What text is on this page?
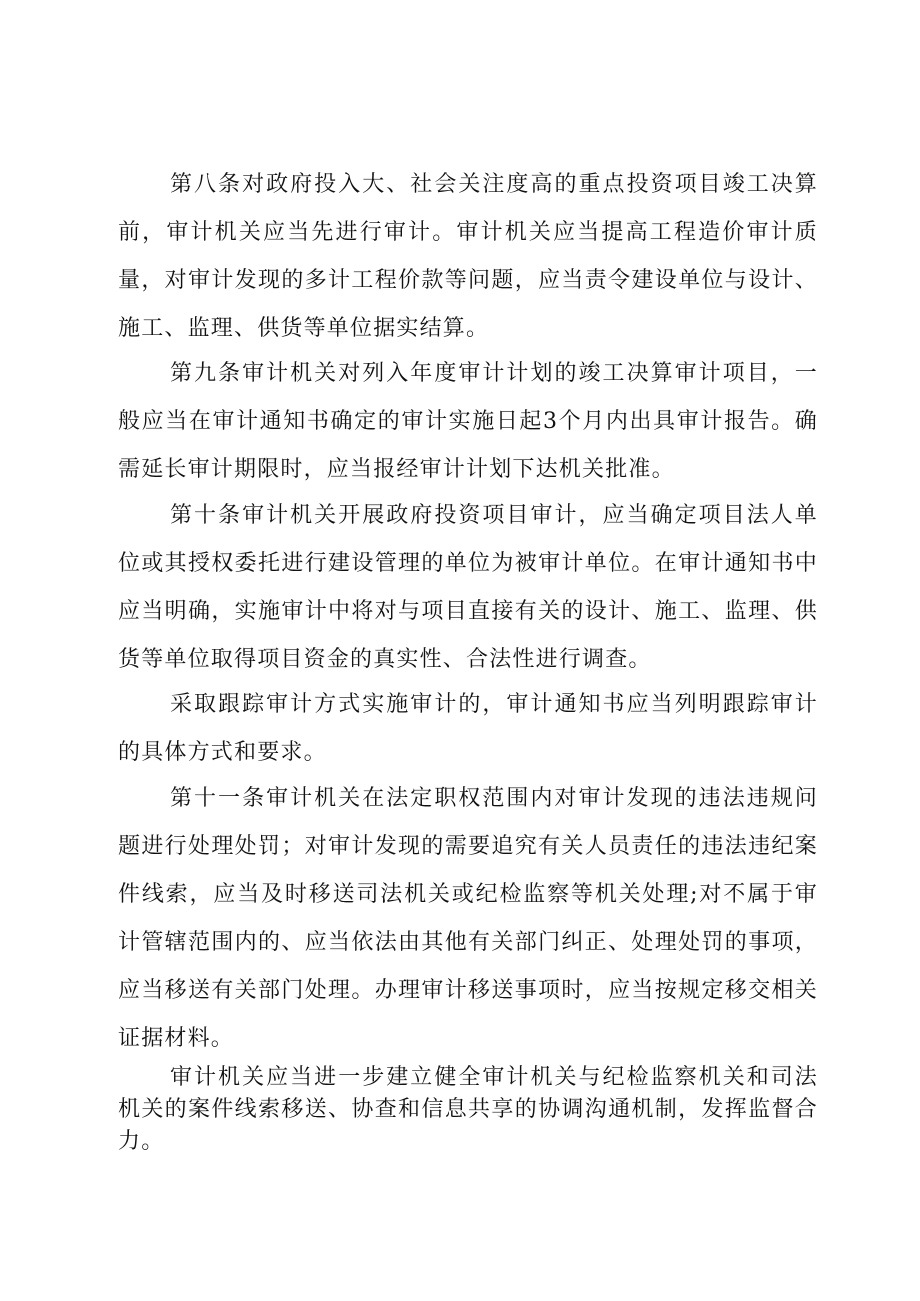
第八条对政府投入大、社会关注度高的重点投资项目竣工决算前，审计机关应当先进行审计。审计机关应当提高工程造价审计质量，对审计发现的多计工程价款等问题，应当责令建设单位与设计、施工、监理、供货等单位据实结算。

第九条审计机关对列入年度审计计划的竣工决算审计项目，一般应当在审计通知书确定的审计实施日起3个月内出具审计报告。确需延长审计期限时，应当报经审计计划下达机关批准。

第十条审计机关开展政府投资项目审计，应当确定项目法人单位或其授权委托进行建设管理的单位为被审计单位。在审计通知书中应当明确，实施审计中将对与项目直接有关的设计、施工、监理、供货等单位取得项目资金的真实性、合法性进行调查。

采取跟踪审计方式实施审计的，审计通知书应当列明跟踪审计的具体方式和要求。

第十一条审计机关在法定职权范围内对审计发现的违法违规问题进行处理处罚；对审计发现的需要追究有关人员责任的违法违纪案件线索，应当及时移送司法机关或纪检监察等机关处理;对不属于审计管辖范围内的、应当依法由其他有关部门纠正、处理处罚的事项，应当移送有关部门处理。办理审计移送事项时，应当按规定移交相关证据材料。

审计机关应当进一步建立健全审计机关与纪检监察机关和司法机关的案件线索移送、协查和信息共享的协调沟通机制，发挥监督合力。
